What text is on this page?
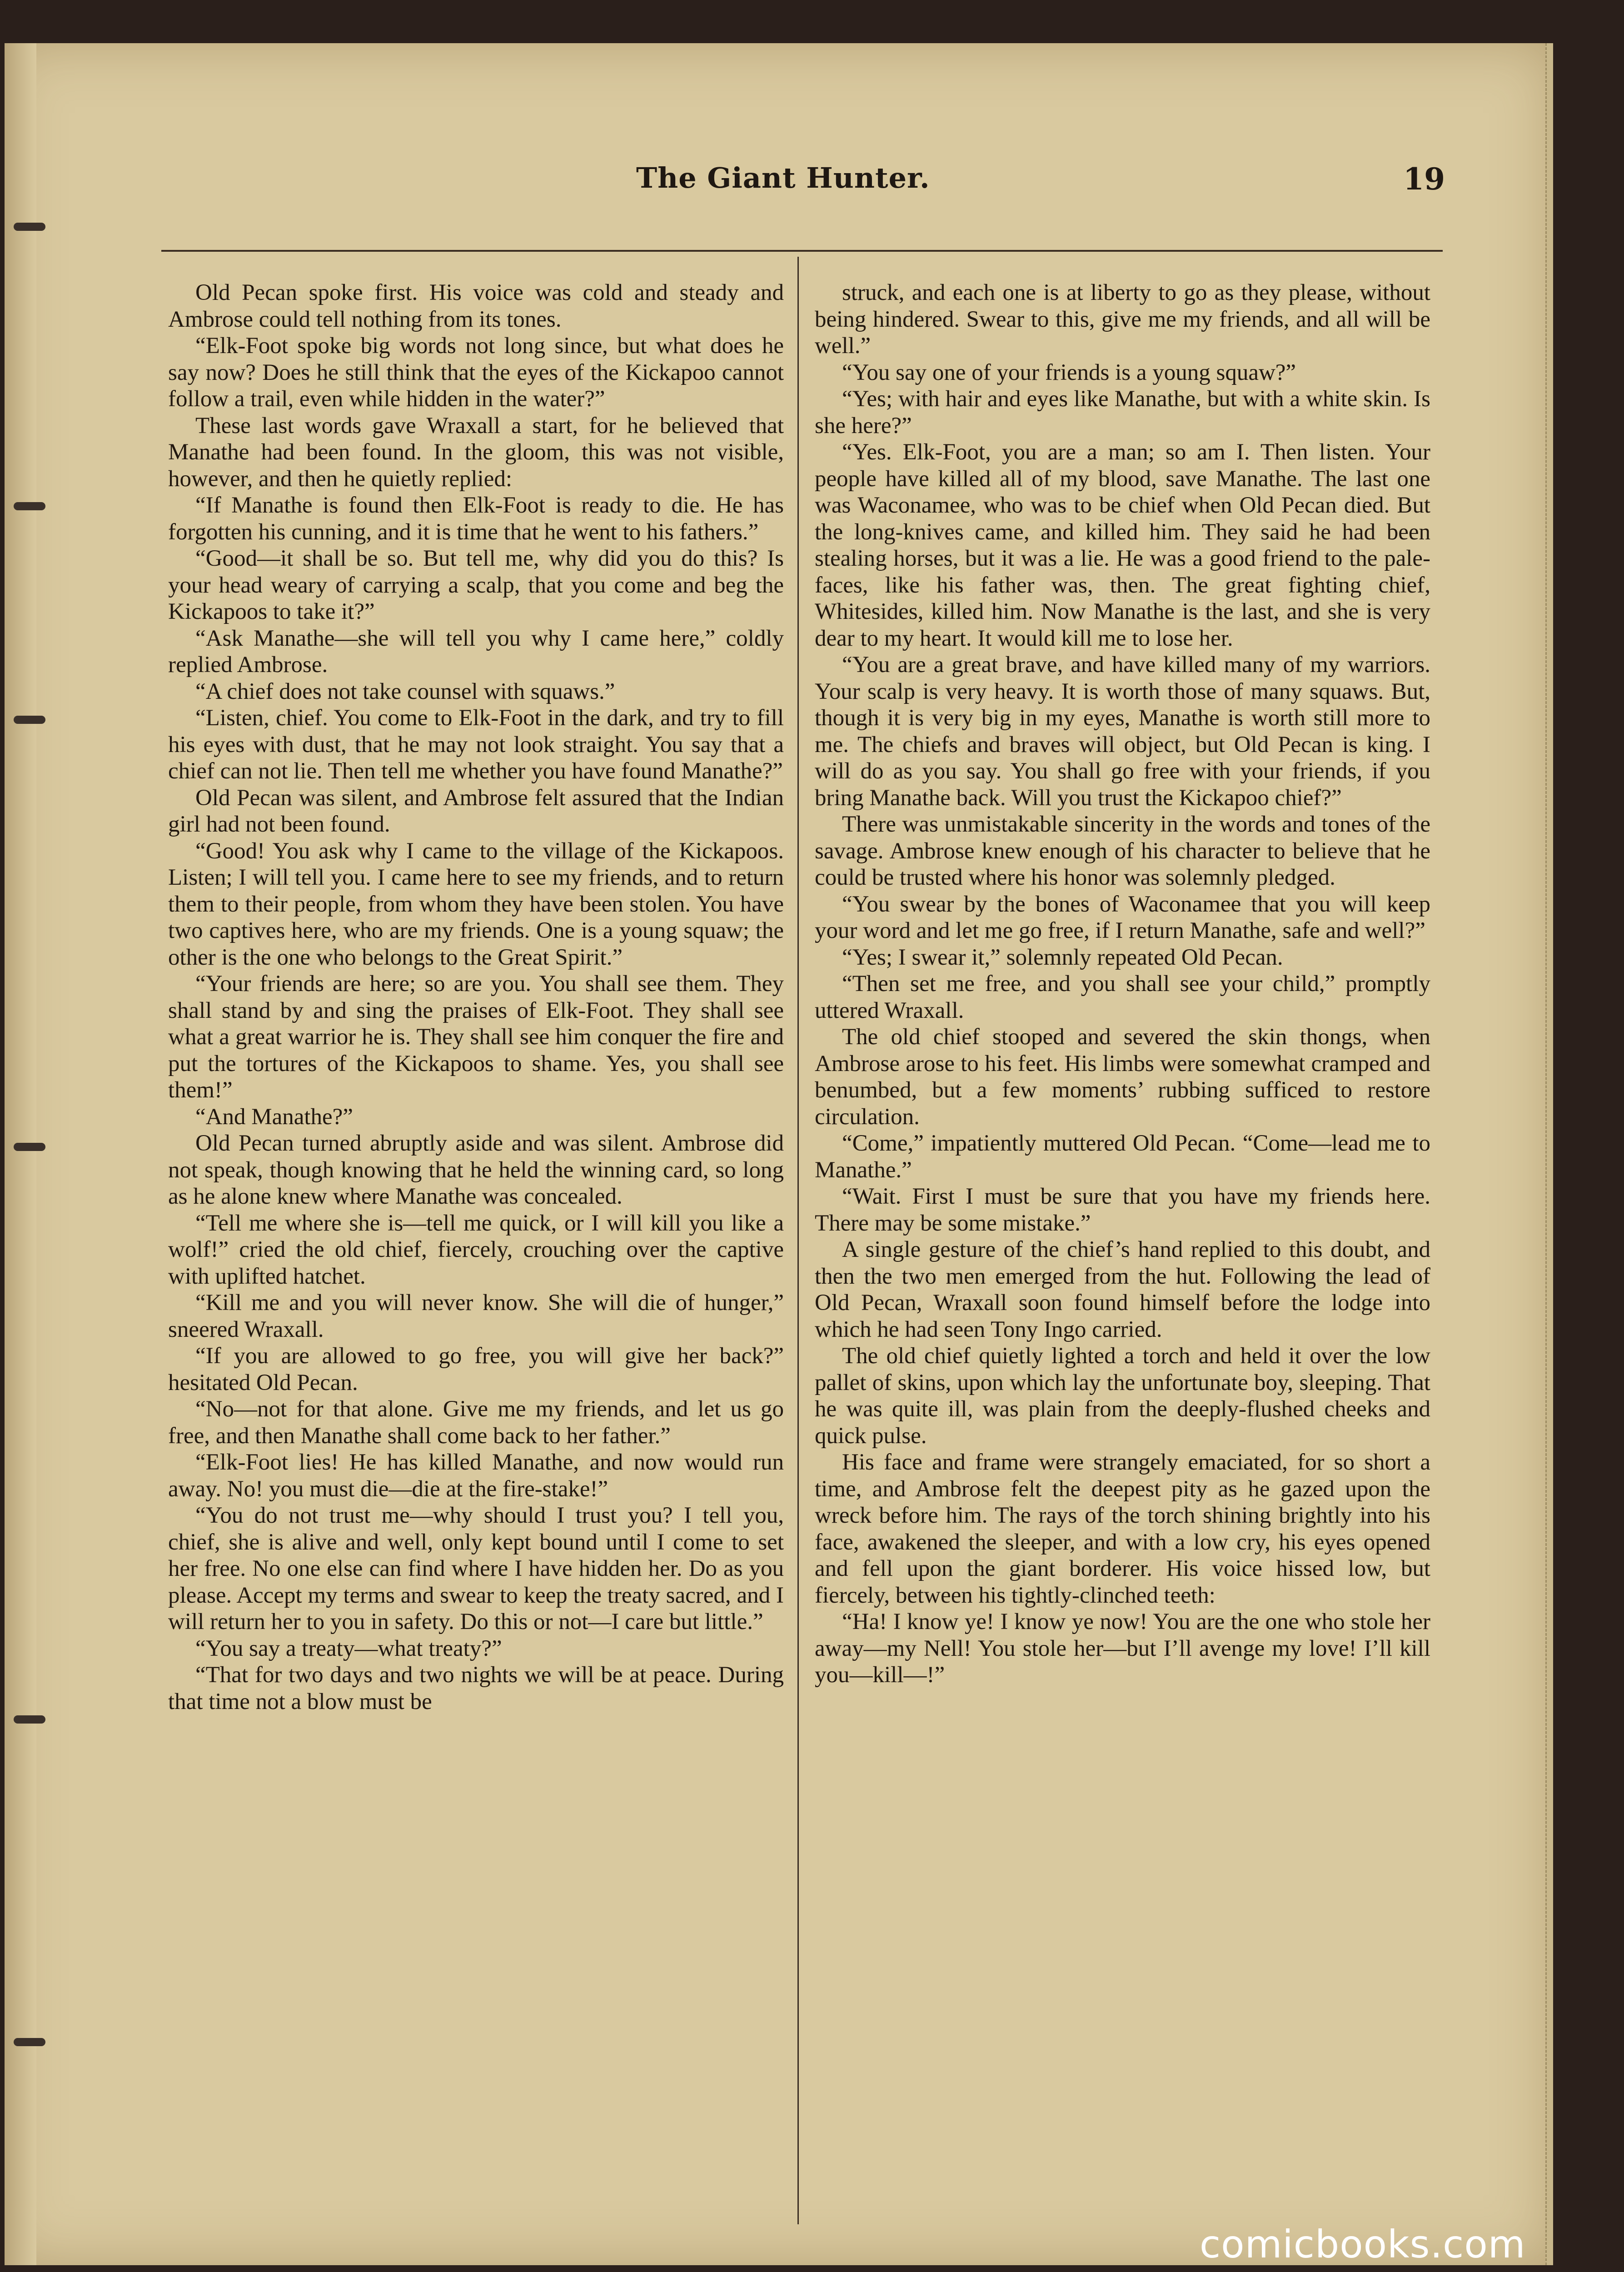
The Giant Hunter.	19

Old Pecan spoke first. His voice was cold and steady and Ambrose could tell nothing from its tones.

“Elk-Foot spoke big words not long since, but what does he say now? Does he still think that the eyes of the Kickapoo cannot follow a trail, even while hidden in the water?”

These last words gave Wraxall a start, for he believed that Manathe had been found. In the gloom, this was not visible, however, and then he quietly replied:

“If Manathe is found then Elk-Foot is ready to die. He has forgotten his cunning, and it is time that he went to his fathers.”

“Good—it shall be so. But tell me, why did you do this? Is your head weary of carrying a scalp, that you come and beg the Kickapoos to take it?”

“Ask Manathe—she will tell you why I came here,” coldly replied Ambrose.

“A chief does not take counsel with squaws.”

“Listen, chief. You come to Elk-Foot in the dark, and try to fill his eyes with dust, that he may not look straight. You say that a chief can not lie. Then tell me whether you have found Manathe?”

Old Pecan was silent, and Ambrose felt assured that the Indian girl had not been found.

“Good! You ask why I came to the village of the Kickapoos. Listen; I will tell you. I came here to see my friends, and to return them to their people, from whom they have been stolen. You have two captives here, who are my friends. One is a young squaw; the other is the one who belongs to the Great Spirit.”

“Your friends are here; so are you. You shall see them. They shall stand by and sing the praises of Elk-Foot. They shall see what a great warrior he is. They shall see him conquer the fire and put the tortures of the Kickapoos to shame. Yes, you shall see them!”

“And Manathe?”

Old Pecan turned abruptly aside and was silent. Ambrose did not speak, though knowing that he held the winning card, so long as he alone knew where Manathe was concealed.

“Tell me where she is—tell me quick, or I will kill you like a wolf!” cried the old chief, fiercely, crouching over the captive with uplifted hatchet.

“Kill me and you will never know. She will die of hunger,” sneered Wraxall.

“If you are allowed to go free, you will give her back?” hesitated Old Pecan.

“No—not for that alone. Give me my friends, and let us go free, and then Manathe shall come back to her father.”

“Elk-Foot lies! He has killed Manathe, and now would run away. No! you must die—die at the fire-stake!”

“You do not trust me—why should I trust you? I tell you, chief, she is alive and well, only kept bound until I come to set her free. No one else can find where I have hidden her. Do as you please. Accept my terms and swear to keep the treaty sacred, and I will return her to you in safety. Do this or not—I care but little.”

“You say a treaty—what treaty?”

“That for two days and two nights we will be at peace. During that time not a blow must be

struck, and each one is at liberty to go as they please, without being hindered. Swear to this, give me my friends, and all will be well.”

“You say one of your friends is a young squaw?”

“Yes; with hair and eyes like Manathe, but with a white skin. Is she here?”

“Yes. Elk-Foot, you are a man; so am I. Then listen. Your people have killed all of my blood, save Manathe. The last one was Waconamee, who was to be chief when Old Pecan died. But the long-knives came, and killed him. They said he had been stealing horses, but it was a lie. He was a good friend to the pale-faces, like his father was, then. The great fighting chief, Whitesides, killed him. Now Manathe is the last, and she is very dear to my heart. It would kill me to lose her.

“You are a great brave, and have killed many of my warriors. Your scalp is very heavy. It is worth those of many squaws. But, though it is very big in my eyes, Manathe is worth still more to me. The chiefs and braves will object, but Old Pecan is king. I will do as you say. You shall go free with your friends, if you bring Manathe back. Will you trust the Kickapoo chief?”

There was unmistakable sincerity in the words and tones of the savage. Ambrose knew enough of his character to believe that he could be trusted where his honor was solemnly pledged.

“You swear by the bones of Waconamee that you will keep your word and let me go free, if I return Manathe, safe and well?”

“Yes; I swear it,” solemnly repeated Old Pecan.

“Then set me free, and you shall see your child,” promptly uttered Wraxall.

The old chief stooped and severed the skin thongs, when Ambrose arose to his feet. His limbs were somewhat cramped and benumbed, but a few moments’ rubbing sufficed to restore circulation.

“Come,” impatiently muttered Old Pecan. “Come—lead me to Manathe.”

“Wait. First I must be sure that you have my friends here. There may be some mistake.”

A single gesture of the chief’s hand replied to this doubt, and then the two men emerged from the hut. Following the lead of Old Pecan, Wraxall soon found himself before the lodge into which he had seen Tony Ingo carried.

The old chief quietly lighted a torch and held it over the low pallet of skins, upon which lay the unfortunate boy, sleeping. That he was quite ill, was plain from the deeply-flushed cheeks and quick pulse.

His face and frame were strangely emaciated, for so short a time, and Ambrose felt the deepest pity as he gazed upon the wreck before him. The rays of the torch shining brightly into his face, awakened the sleeper, and with a low cry, his eyes opened and fell upon the giant borderer. His voice hissed low, but fiercely, between his tightly-clinched teeth:

“Ha! I know ye! I know ye now! You are the one who stole her away—my Nell! You stole her—but I’ll avenge my love! I’ll kill you—kill—!”

comicbooks.com
